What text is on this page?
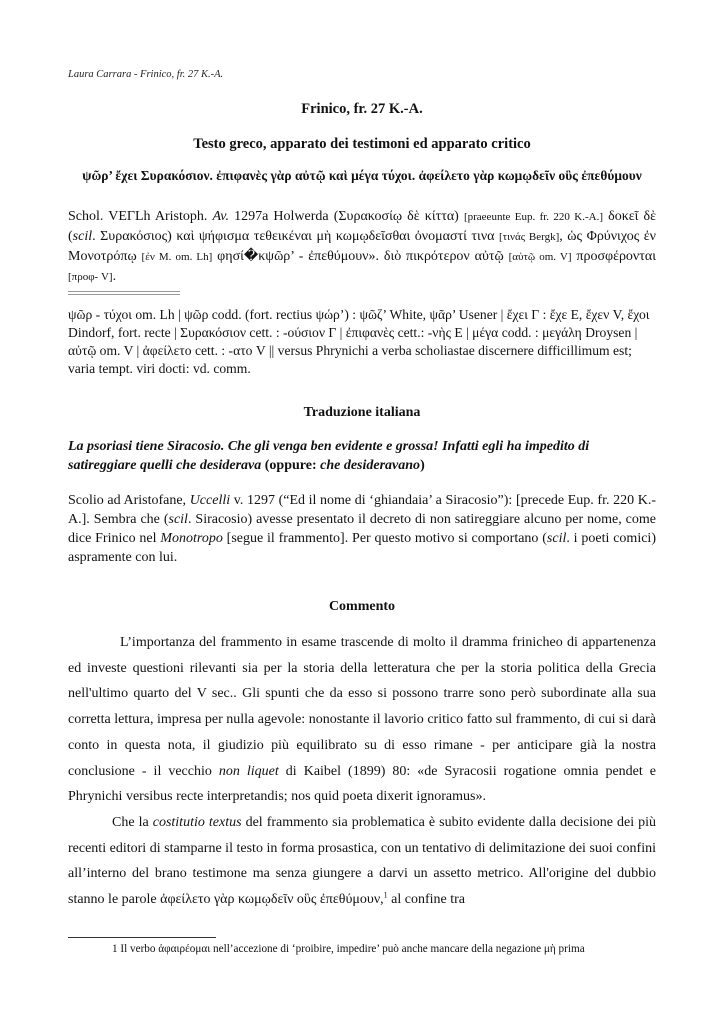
Laura Carrara - Frinico, fr. 27 K.-A.
Frinico, fr. 27 K.-A.
Testo greco, apparato dei testimoni ed apparato critico
ψῶρ’ ἔχει Συρακόσιον. ἐπιφανὲς γὰρ αὐτῷ καὶ μέγα τύχοι. ἀφείλετο γὰρ κωμῳδεῖν οὓς ἐπεθύμουν
Schol. VEΓLh Aristoph. Av. 1297a Holwerda (Συρακοσίῳ δὲ κίττα) [praeeunte Eup. fr. 220 K.-A.] δοκεῖ δὲ (scil. Συρακόσιος) καὶ ψήφισμα τεθεικέναι μὴ κωμῳδεῖσθαι ὀνομαστί τινα [τινάς Bergk], ὡς Φρύνιχος ἐν Μονοτρόπῳ [ἐν M. om. Lh] φησί�κψῶρ’ - ἐπεθύμουν». διὸ πικρότερον αὐτῷ [αὐτῷ om. V] προσφέρονται [προφ- V].
ψῶρ - τύχοι om. Lh | ψῶρ codd. (fort. rectius ψώρ’) : ψῶζ’ White, ψᾶρ’ Usener | ἔχει Γ : ἔχε E, ἔχεν V, ἔχοι Dindorf, fort. recte | Συρακόσιον cett. : -ούσιον Γ | ἐπιφανὲς cett.: -νὴς E | μέγα codd. : μεγάλη Droysen | αὐτῷ om. V | ἀφείλετο cett. : -ατο V || versus Phrynichi a verba scholiastae discernere difficillimum est; varia tempt. viri docti: vd. comm.
Traduzione italiana
La psoriasi tiene Siracosio. Che gli venga ben evidente e grossa! Infatti egli ha impedito di satireggiare quelli che desiderava (oppure: che desideravano)
Scolio ad Aristofane, Uccelli v. 1297 (“Ed il nome di ‘ghiandaia’ a Siracosio”): [precede Eup. fr. 220 K.-A.]. Sembra che (scil. Siracosio) avesse presentato il decreto di non satireggiare alcuno per nome, come dice Frinico nel Monotropo [segue il frammento]. Per questo motivo si comportano (scil. i poeti comici) aspramente con lui.
Commento

L’importanza del frammento in esame trascende di molto il dramma frinicheo di appartenenza ed investe questioni rilevanti sia per la storia della letteratura che per la storia politica della Grecia nell'ultimo quarto del V sec.. Gli spunti che da esso si possono trarre sono però subordinate alla sua corretta lettura, impresa per nulla agevole: nonostante il lavorio critico fatto sul frammento, di cui si darà conto in questa nota, il giudizio più equilibrato su di esso rimane - per anticipare già la nostra conclusione - il vecchio non liquet di Kaibel (1899) 80: «de Syracosii rogatione omnia pendet e Phrynichi versibus recte interpretandis; nos quid poeta dixerit ignoramus».

Che la costitutio textus del frammento sia problematica è subito evidente dalla decisione dei più recenti editori di stamparne il testo in forma prosastica, con un tentativo di delimitazione dei suoi confini all’interno del brano testimone ma senza giungere a darvi un assetto metrico. All'origine del dubbio stanno le parole ἀφείλετο γὰρ κωμῳδεῖν οὓς ἐπεθύμουν,$^1$ al confine tra

1 Il verbo ἀφαιρέομαι nell’accezione di ‘proibire, impedire’ può anche mancare della negazione μὴ prima
